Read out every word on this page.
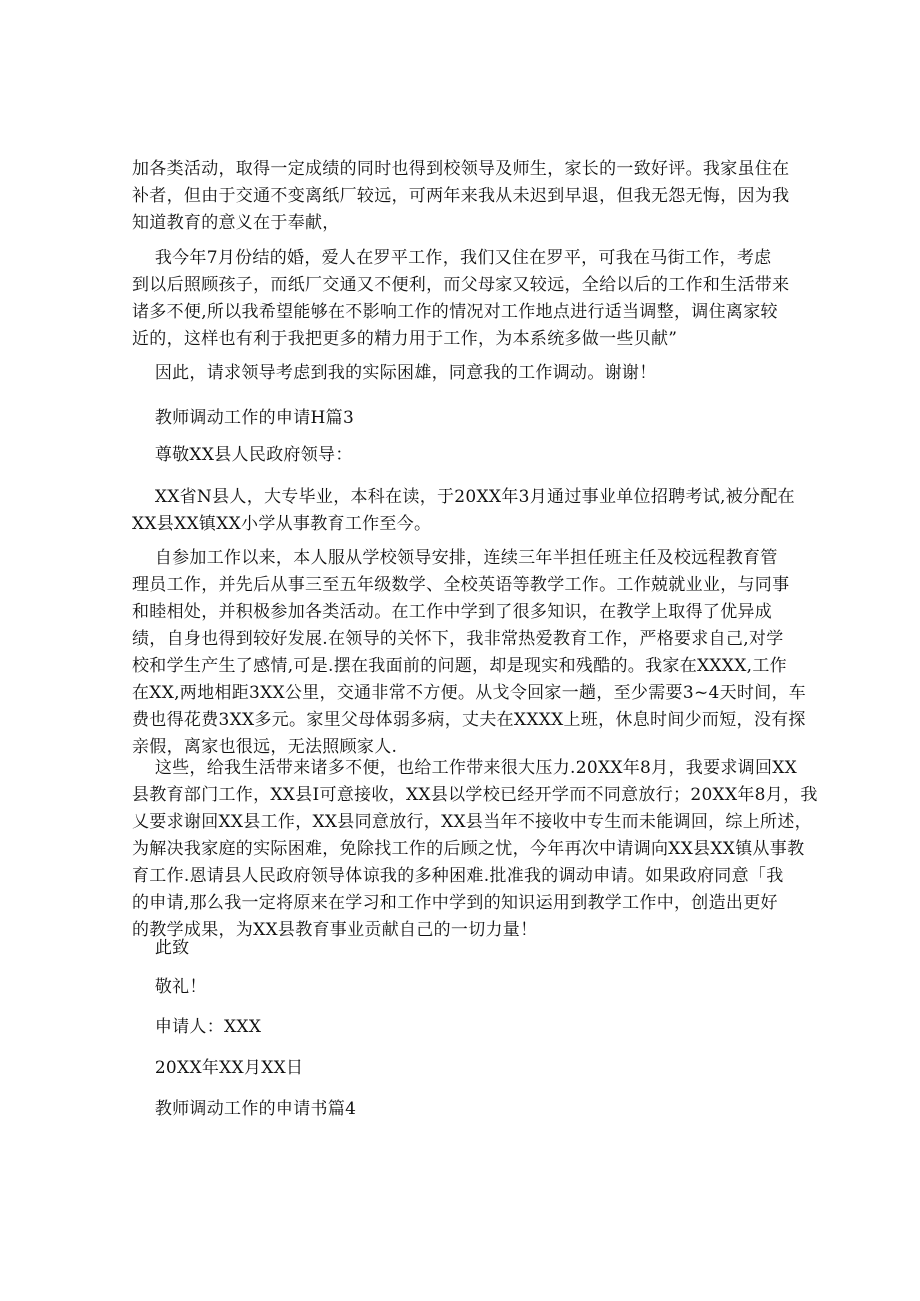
加各类活动，取得一定成绩的同时也得到校领导及师生，家长的一致好评。我家虽住在
补者，但由于交通不变离纸厂较远，可两年来我从未迟到早退，但我无怨无悔，因为我
知道教育的意义在于奉献，

我今年7月份结的婚，爱人在罗平工作，我们又住在罗平，可我在马街工作，考虑
到以后照顾孩子，而纸厂交通又不便利，而父母家又较远，全给以后的工作和生活带来
诸多不便,所以我希望能够在不影响工作的情况对工作地点进行适当调整，调住离家较
近的，这样也有利于我把更多的精力用于工作，为本系统多做一些贝献”

因此，请求领导考虑到我的实际困雄，同意我的工作调动。谢谢！

教师调动工作的申请H篇3

尊敬XX县人民政府领导：

XX省N县人，大专毕业，本科在读，于20XX年3月通过事业单位招聘考试,被分配在
XX县XX镇XX小学从事教育工作至今。

自参加工作以来，本人服从学校领导安排，连续三年半担任班主任及校远程教育管
理员工作，并先后从事三至五年级数学、全校英语等教学工作。工作兢就业业，与同事
和睦相处，并积极参加各类活动。在工作中学到了很多知识，在教学上取得了优异成
绩，自身也得到较好发展.在领导的关怀下，我非常热爱教育工作，严格要求自己,对学
校和学生产生了感情,可是.摆在我面前的问题，却是现实和残酷的。我家在XXXX,工作
在XX,两地相距3XX公里，交通非常不方便。从戈令回家一趟，至少需要3~4天时间，车
费也得花费3XX多元。家里父母体弱多病，丈夫在XXXX上班，休息时间少而短，没有探
亲假，离家也很远，无法照顾家人.

这些，给我生活带来诸多不便，也给工作带来很大压力.20XX年8月，我要求调回XX
县教育部门工作，XX县I可意接收，XX县以学校已经开学而不同意放行；20XX年8月，我
乂要求谢回XX县工作，XX县同意放行，XX县当年不接收中专生而未能调回，综上所述，
为解决我家庭的实际困难，免除找工作的后顾之忧，今年再次中请调向XX县XX镇从事教
育工作.恩请县人民政府领导体谅我的多种困难.批准我的调动申请。如果政府同意「我
的申请,那么我一定将原来在学习和工作中学到的知识运用到教学工作中，创造出更好
的教学成果，为XX县教育事业贡献自己的一切力量！

此致

敬礼！

申请人：XXX

20XX年XX月XX日

教师调动工作的申请书篇4
